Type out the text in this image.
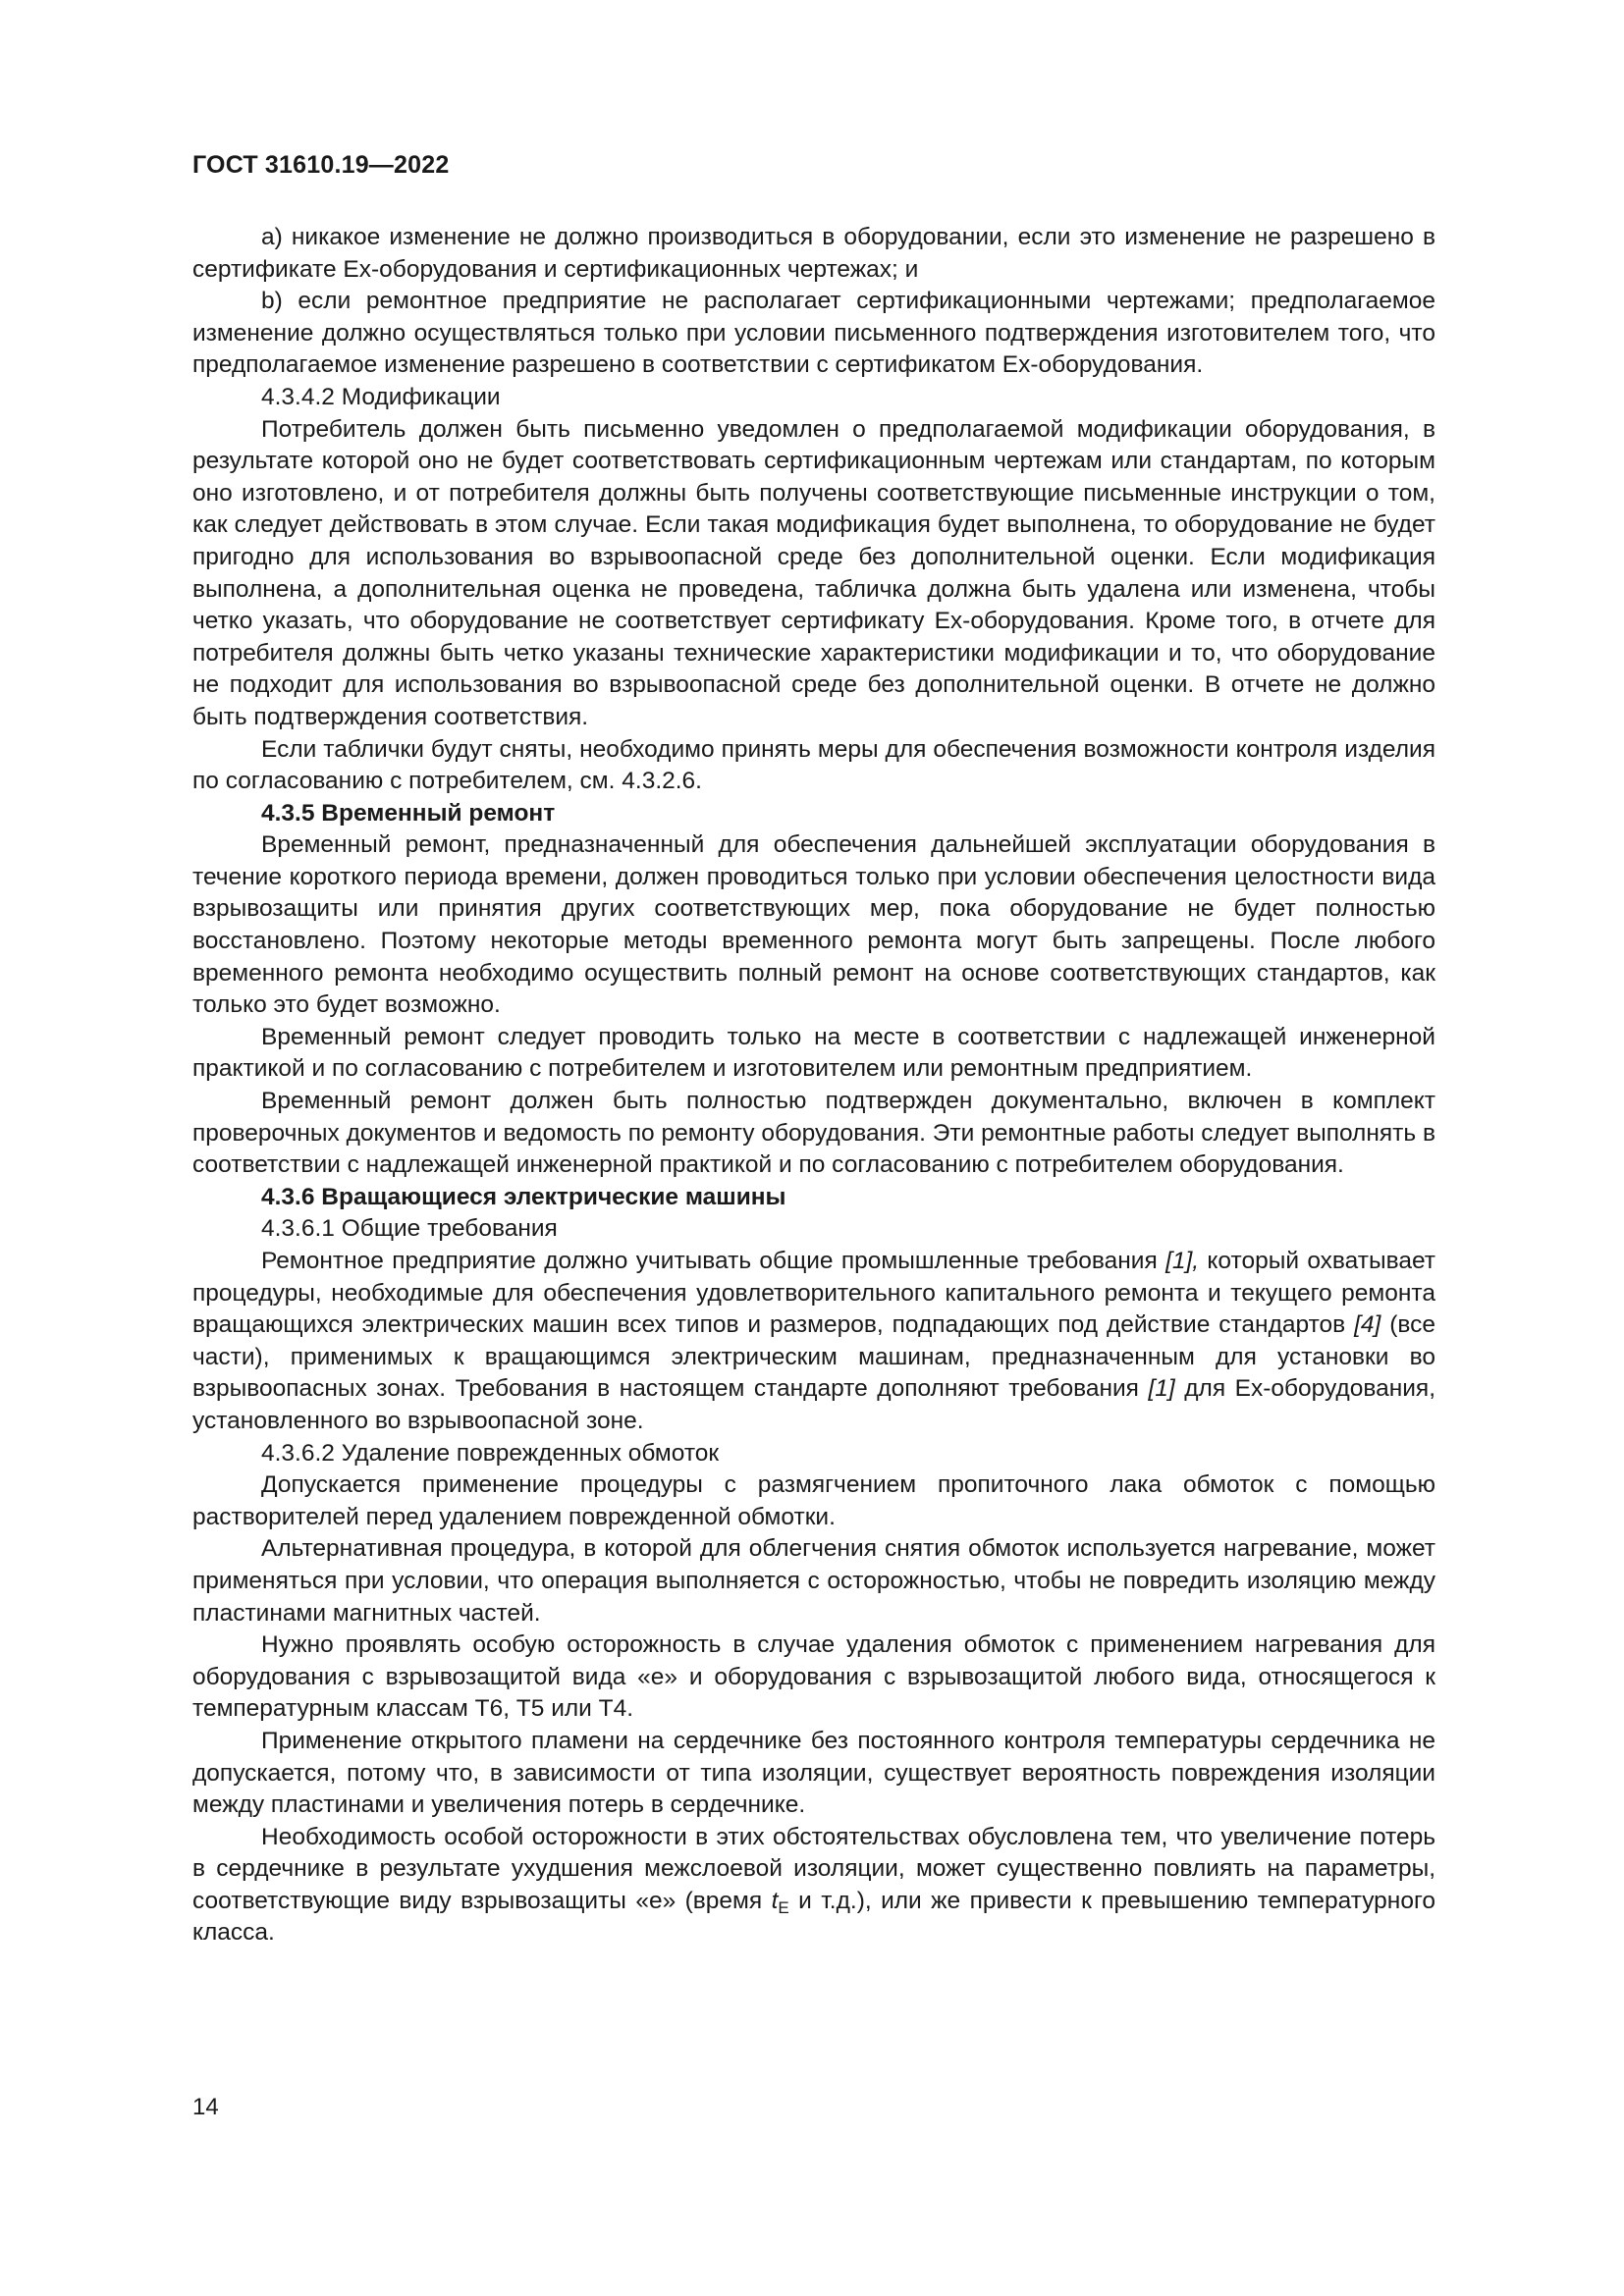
ГОСТ 31610.19—2022

a) никакое изменение не должно производиться в оборудовании, если это изменение не разрешено в сертификате Ex-оборудования и сертификационных чертежах; и

b) если ремонтное предприятие не располагает сертификационными чертежами; предполагаемое изменение должно осуществляться только при условии письменного подтверждения изготовителем того, что предполагаемое изменение разрешено в соответствии с сертификатом Ex-оборудования.

4.3.4.2 Модификации

Потребитель должен быть письменно уведомлен о предполагаемой модификации оборудования, в результате которой оно не будет соответствовать сертификационным чертежам или стандартам, по которым оно изготовлено, и от потребителя должны быть получены соответствующие письменные инструкции о том, как следует действовать в этом случае. Если такая модификация будет выполнена, то оборудование не будет пригодно для использования во взрывоопасной среде без дополнительной оценки. Если модификация выполнена, а дополнительная оценка не проведена, табличка должна быть удалена или изменена, чтобы четко указать, что оборудование не соответствует сертификату Ex-оборудования. Кроме того, в отчете для потребителя должны быть четко указаны технические характеристики модификации и то, что оборудование не подходит для использования во взрывоопасной среде без дополнительной оценки. В отчете не должно быть подтверждения соответствия.

Если таблички будут сняты, необходимо принять меры для обеспечения возможности контроля изделия по согласованию с потребителем, см. 4.3.2.6.

4.3.5 Временный ремонт

Временный ремонт, предназначенный для обеспечения дальнейшей эксплуатации оборудования в течение короткого периода времени, должен проводиться только при условии обеспечения целостности вида взрывозащиты или принятия других соответствующих мер, пока оборудование не будет полностью восстановлено. Поэтому некоторые методы временного ремонта могут быть запрещены. После любого временного ремонта необходимо осуществить полный ремонт на основе соответствующих стандартов, как только это будет возможно.

Временный ремонт следует проводить только на месте в соответствии с надлежащей инженерной практикой и по согласованию с потребителем и изготовителем или ремонтным предприятием.

Временный ремонт должен быть полностью подтвержден документально, включен в комплект проверочных документов и ведомость по ремонту оборудования. Эти ремонтные работы следует выполнять в соответствии с надлежащей инженерной практикой и по согласованию с потребителем оборудования.

4.3.6 Вращающиеся электрические машины

4.3.6.1 Общие требования

Ремонтное предприятие должно учитывать общие промышленные требования [1], который охватывает процедуры, необходимые для обеспечения удовлетворительного капитального ремонта и текущего ремонта вращающихся электрических машин всех типов и размеров, подпадающих под действие стандартов [4] (все части), применимых к вращающимся электрическим машинам, предназначенным для установки во взрывоопасных зонах. Требования в настоящем стандарте дополняют требования [1] для Ex-оборудования, установленного во взрывоопасной зоне.

4.3.6.2 Удаление поврежденных обмоток

Допускается применение процедуры с размягчением пропиточного лака обмоток с помощью растворителей перед удалением поврежденной обмотки.

Альтернативная процедура, в которой для облегчения снятия обмоток используется нагревание, может применяться при условии, что операция выполняется с осторожностью, чтобы не повредить изоляцию между пластинами магнитных частей.

Нужно проявлять особую осторожность в случае удаления обмоток с применением нагревания для оборудования с взрывозащитой вида «е» и оборудования с взрывозащитой любого вида, относящегося к температурным классам Т6, Т5 или Т4.

Применение открытого пламени на сердечнике без постоянного контроля температуры сердечника не допускается, потому что, в зависимости от типа изоляции, существует вероятность повреждения изоляции между пластинами и увеличения потерь в сердечнике.

Необходимость особой осторожности в этих обстоятельствах обусловлена тем, что увеличение потерь в сердечнике в результате ухудшения межслоевой изоляции, может существенно повлиять на параметры, соответствующие виду взрывозащиты «е» (время $t_E$ и т.д.), или же привести к превышению температурного класса.

14
